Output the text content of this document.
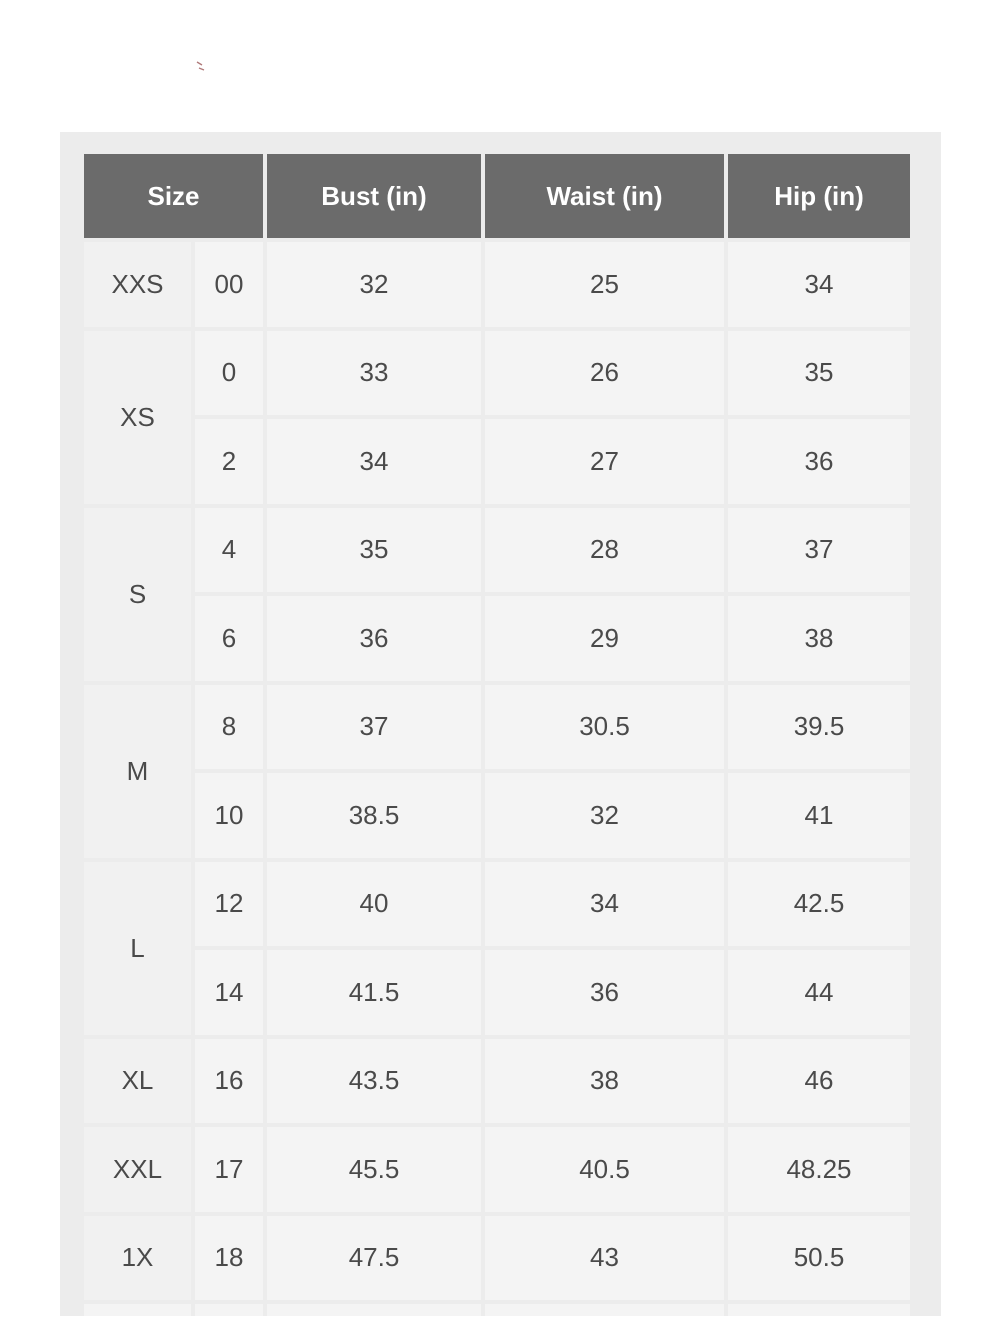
Size		Bust (in)	Waist (in)	Hip (in)
XXS	00	32	25	34
XS	0	33	26	35
	2	34	27	36
S	4	35	28	37
	6	36	29	38
M	8	37	30.5	39.5
	10	38.5	32	41
L	12	40	34	42.5
	14	41.5	36	44
XL	16	43.5	38	46
XXL	17	45.5	40.5	48.25
1X	18	47.5	43	50.5
